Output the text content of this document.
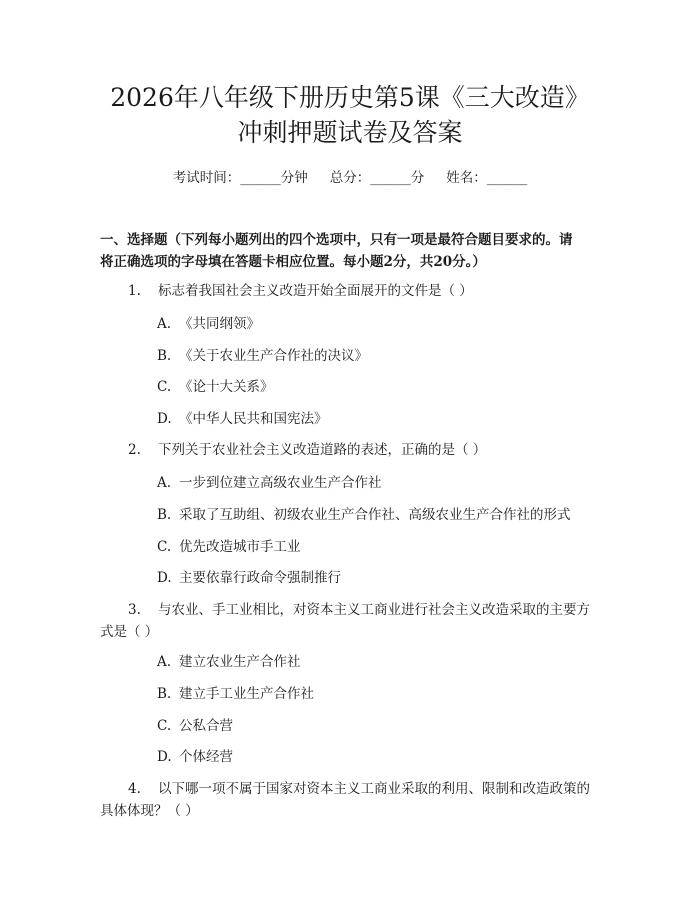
2026年八年级下册历史第5课《三大改造》
冲刺押题试卷及答案
考试时间：______分钟 总分：______分 姓名：______
一、选择题（下列每小题列出的四个选项中，只有一项是最符合题目要求的。请
将正确选项的字母填在答题卡相应位置。每小题2分，共20分。）
1. 标志着我国社会主义改造开始全面展开的文件是（ ）
A. 《共同纲领》
B. 《关于农业生产合作社的决议》
C. 《论十大关系》
D. 《中华人民共和国宪法》
2. 下列关于农业社会主义改造道路的表述，正确的是（ ）
A. 一步到位建立高级农业生产合作社
B. 采取了互助组、初级农业生产合作社、高级农业生产合作社的形式
C. 优先改造城市手工业
D. 主要依靠行政命令强制推行
3. 与农业、手工业相比，对资本主义工商业进行社会主义改造采取的主要方
式是（ ）
A. 建立农业生产合作社
B. 建立手工业生产合作社
C. 公私合营
D. 个体经营
4. 以下哪一项不属于国家对资本主义工商业采取的利用、限制和改造政策的
具体体现？（ ）
